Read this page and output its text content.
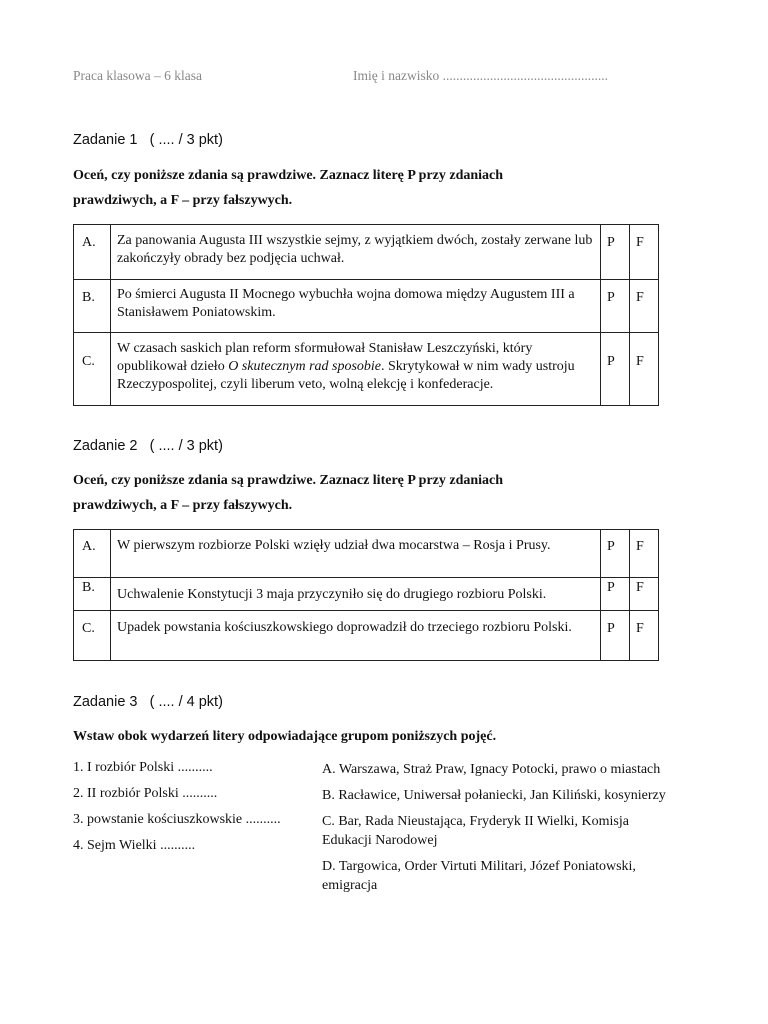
Praca klasowa – 6 klasa	Imię i nazwisko .................................................
Zadanie 1 ( .... / 3 pkt)
Oceń, czy poniższe zdania są prawdziwe. Zaznacz literę P przy zdaniach
prawdziwych, a F – przy fałszywych.
A.	Za panowania Augusta III wszystkie sejmy, z wyjątkiem dwóch, zostały zerwane lub zakończyły obrady bez podjęcia uchwał.	P	F
B.	Po śmierci Augusta II Mocnego wybuchła wojna domowa między Augustem III a Stanisławem Poniatowskim.	P	F
C.	W czasach saskich plan reform sformułował Stanisław Leszczyński, który opublikował dzieło O skutecznym rad sposobie. Skrytykował w nim wady ustroju Rzeczypospolitej, czyli liberum veto, wolną elekcję i konfederacje.	P	F
Zadanie 2 ( .... / 3 pkt)
Oceń, czy poniższe zdania są prawdziwe. Zaznacz literę P przy zdaniach
prawdziwych, a F – przy fałszywych.
A.	W pierwszym rozbiorze Polski wzięły udział dwa mocarstwa – Rosja i Prusy.	P	F
B.	Uchwalenie Konstytucji 3 maja przyczyniło się do drugiego rozbioru Polski.	P	F
C.	Upadek powstania kościuszkowskiego doprowadził do trzeciego rozbioru Polski.	P	F
Zadanie 3 ( .... / 4 pkt)
Wstaw obok wydarzeń litery odpowiadające grupom poniższych pojęć.
1. I rozbiór Polski ..........
2. II rozbiór Polski ..........
3. powstanie kościuszkowskie ..........
4. Sejm Wielki ..........
A. Warszawa, Straż Praw, Ignacy Potocki, prawo o miastach
B. Racławice, Uniwersał połaniecki, Jan Kiliński, kosynierzy
C. Bar, Rada Nieustająca, Fryderyk II Wielki, Komisja Edukacji Narodowej
D. Targowica, Order Virtuti Militari, Józef Poniatowski, emigracja
